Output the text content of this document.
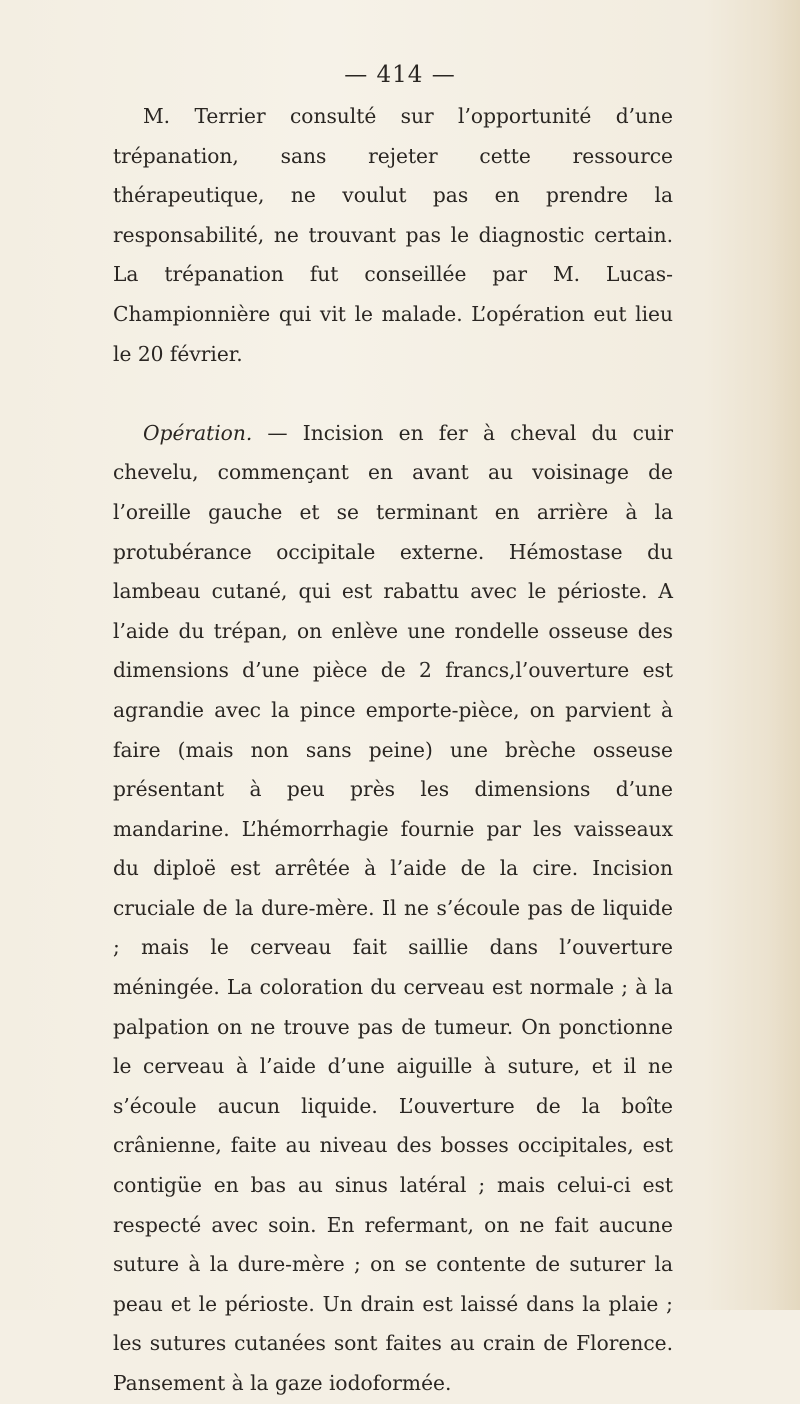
— 414 —

M. Terrier consulté sur l’opportunité d’une trépanation, sans rejeter cette ressource thérapeutique, ne voulut pas en prendre la responsabilité, ne trouvant pas le diagnostic certain. La trépanation fut conseillée par M. Lucas-Championnière qui vit le malade. L’opération eut lieu le 20 février.

Opération. — Incision en fer à cheval du cuir chevelu, commençant en avant au voisinage de l’oreille gauche et se terminant en arrière à la protubérance occipitale externe. Hémostase du lambeau cutané, qui est rabattu avec le périoste. A l’aide du trépan, on enlève une rondelle osseuse des dimensions d’une pièce de 2 francs,l’ouverture est agrandie avec la pince emporte-pièce, on parvient à faire (mais non sans peine) une brèche osseuse présentant à peu près les dimensions d’une mandarine. L’hémorrhagie fournie par les vaisseaux du diploë est arrêtée à l’aide de la cire. Incision cruciale de la dure-mère. Il ne s’écoule pas de liquide ; mais le cerveau fait saillie dans l’ouverture méningée. La coloration du cerveau est normale ; à la palpation on ne trouve pas de tumeur. On ponctionne le cerveau à l’aide d’une aiguille à suture, et il ne s’écoule aucun liquide. L’ouverture de la boîte crânienne, faite au niveau des bosses occipitales, est contigüe en bas au sinus latéral ; mais celui-ci est respecté avec soin. En refermant, on ne fait aucune suture à la dure-mère ; on se contente de suturer la peau et le périoste. Un drain est laissé dans la plaie ; les sutures cutanées sont faites au crain de Florence. Pansement à la gaze iodoformée.
